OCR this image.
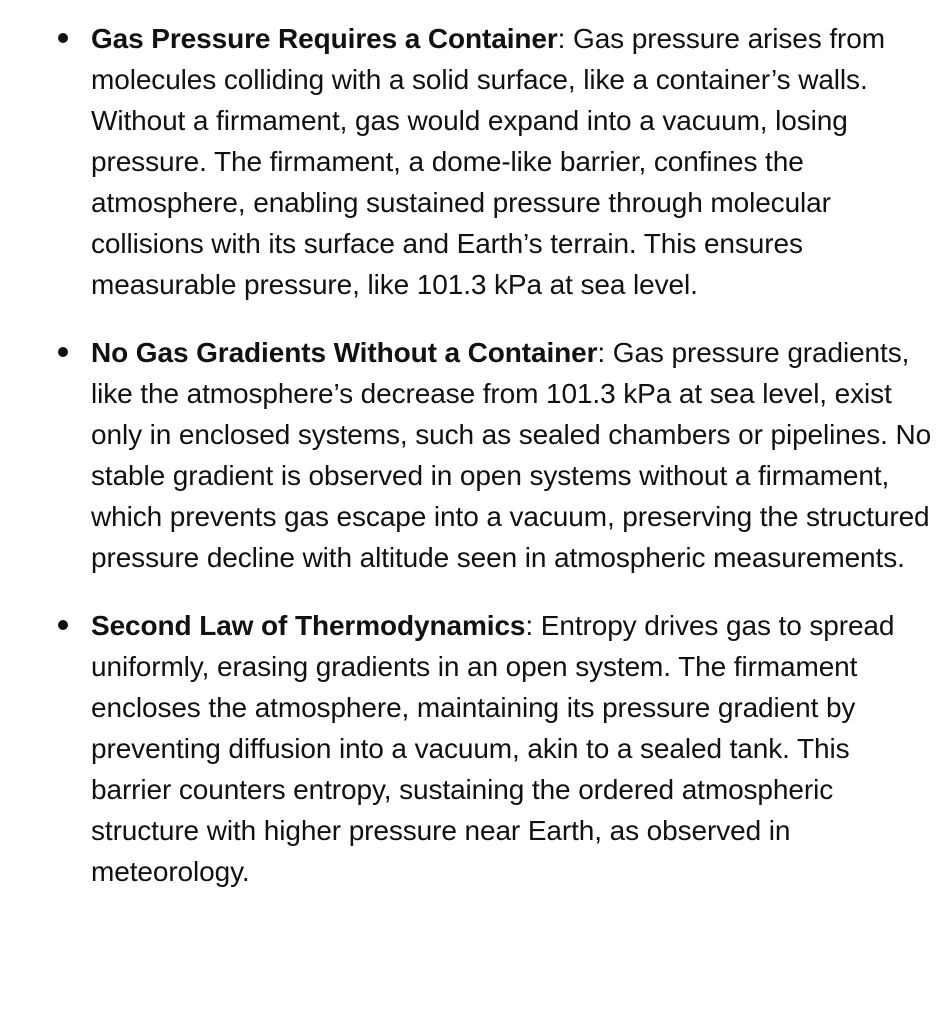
Gas Pressure Requires a Container: Gas pressure arises from molecules colliding with a solid surface, like a container’s walls. Without a firmament, gas would expand into a vacuum, losing pressure. The firmament, a dome-like barrier, confines the atmosphere, enabling sustained pressure through molecular collisions with its surface and Earth’s terrain. This ensures measurable pressure, like 101.3 kPa at sea level.
No Gas Gradients Without a Container: Gas pressure gradients, like the atmosphere’s decrease from 101.3 kPa at sea level, exist only in enclosed systems, such as sealed chambers or pipelines. No stable gradient is observed in open systems without a firmament, which prevents gas escape into a vacuum, preserving the structured pressure decline with altitude seen in atmospheric measurements.
Second Law of Thermodynamics: Entropy drives gas to spread uniformly, erasing gradients in an open system. The firmament encloses the atmosphere, maintaining its pressure gradient by preventing diffusion into a vacuum, akin to a sealed tank. This barrier counters entropy, sustaining the ordered atmospheric structure with higher pressure near Earth, as observed in meteorology.
